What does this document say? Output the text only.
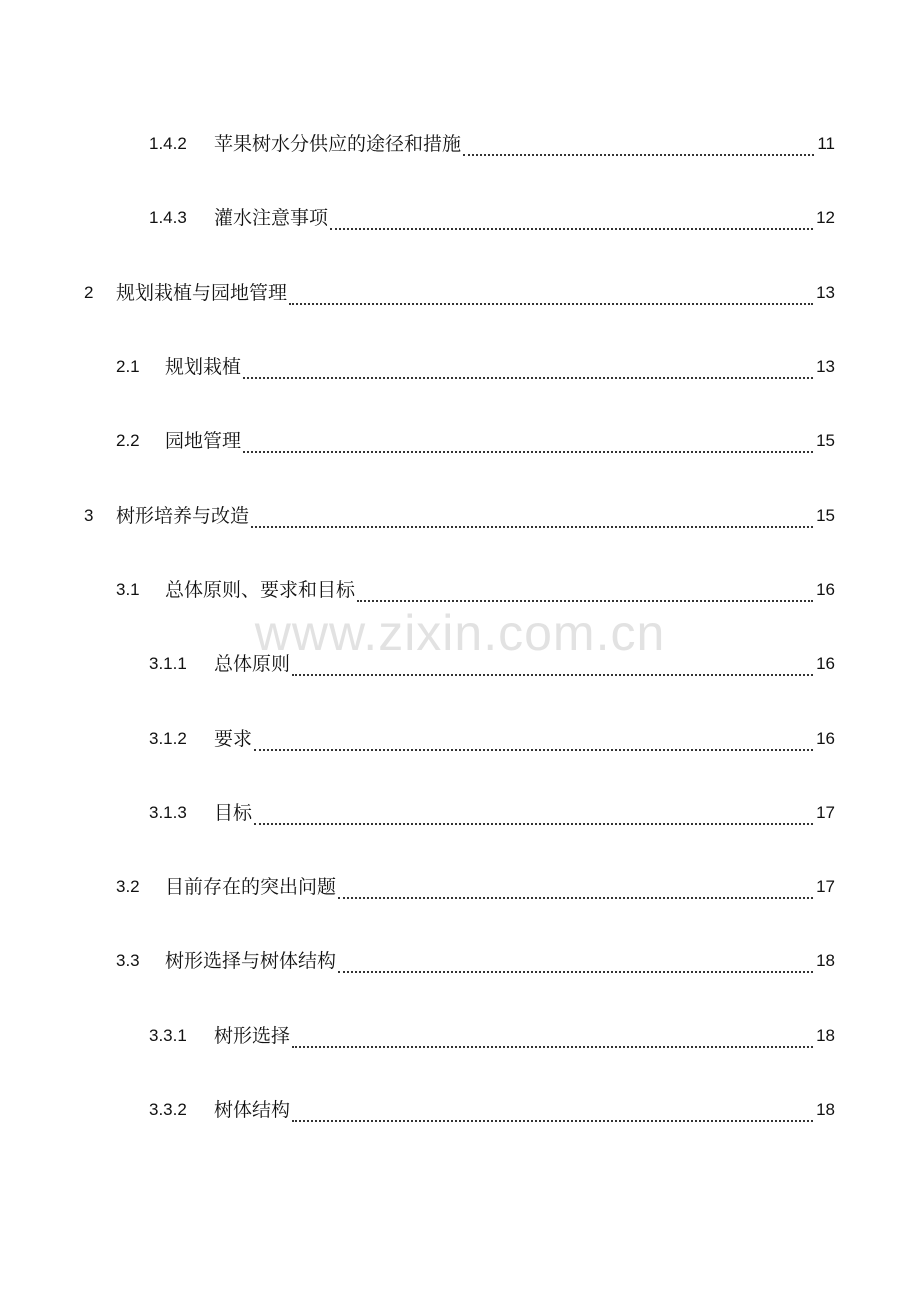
1.4.2	苹果树水分供应的途径和措施	11
1.4.3	灌水注意事项	12
2	规划栽植与园地管理	13
2.1	规划栽植	13
2.2	园地管理	15
3	树形培养与改造	15
3.1	总体原则、要求和目标	16
3.1.1	总体原则	16
3.1.2	要求	16
3.1.3	目标	17
3.2	目前存在的突出问题	17
3.3	树形选择与树体结构	18
3.3.1	树形选择	18
3.3.2	树体结构	18
www.zixin.com.cn
